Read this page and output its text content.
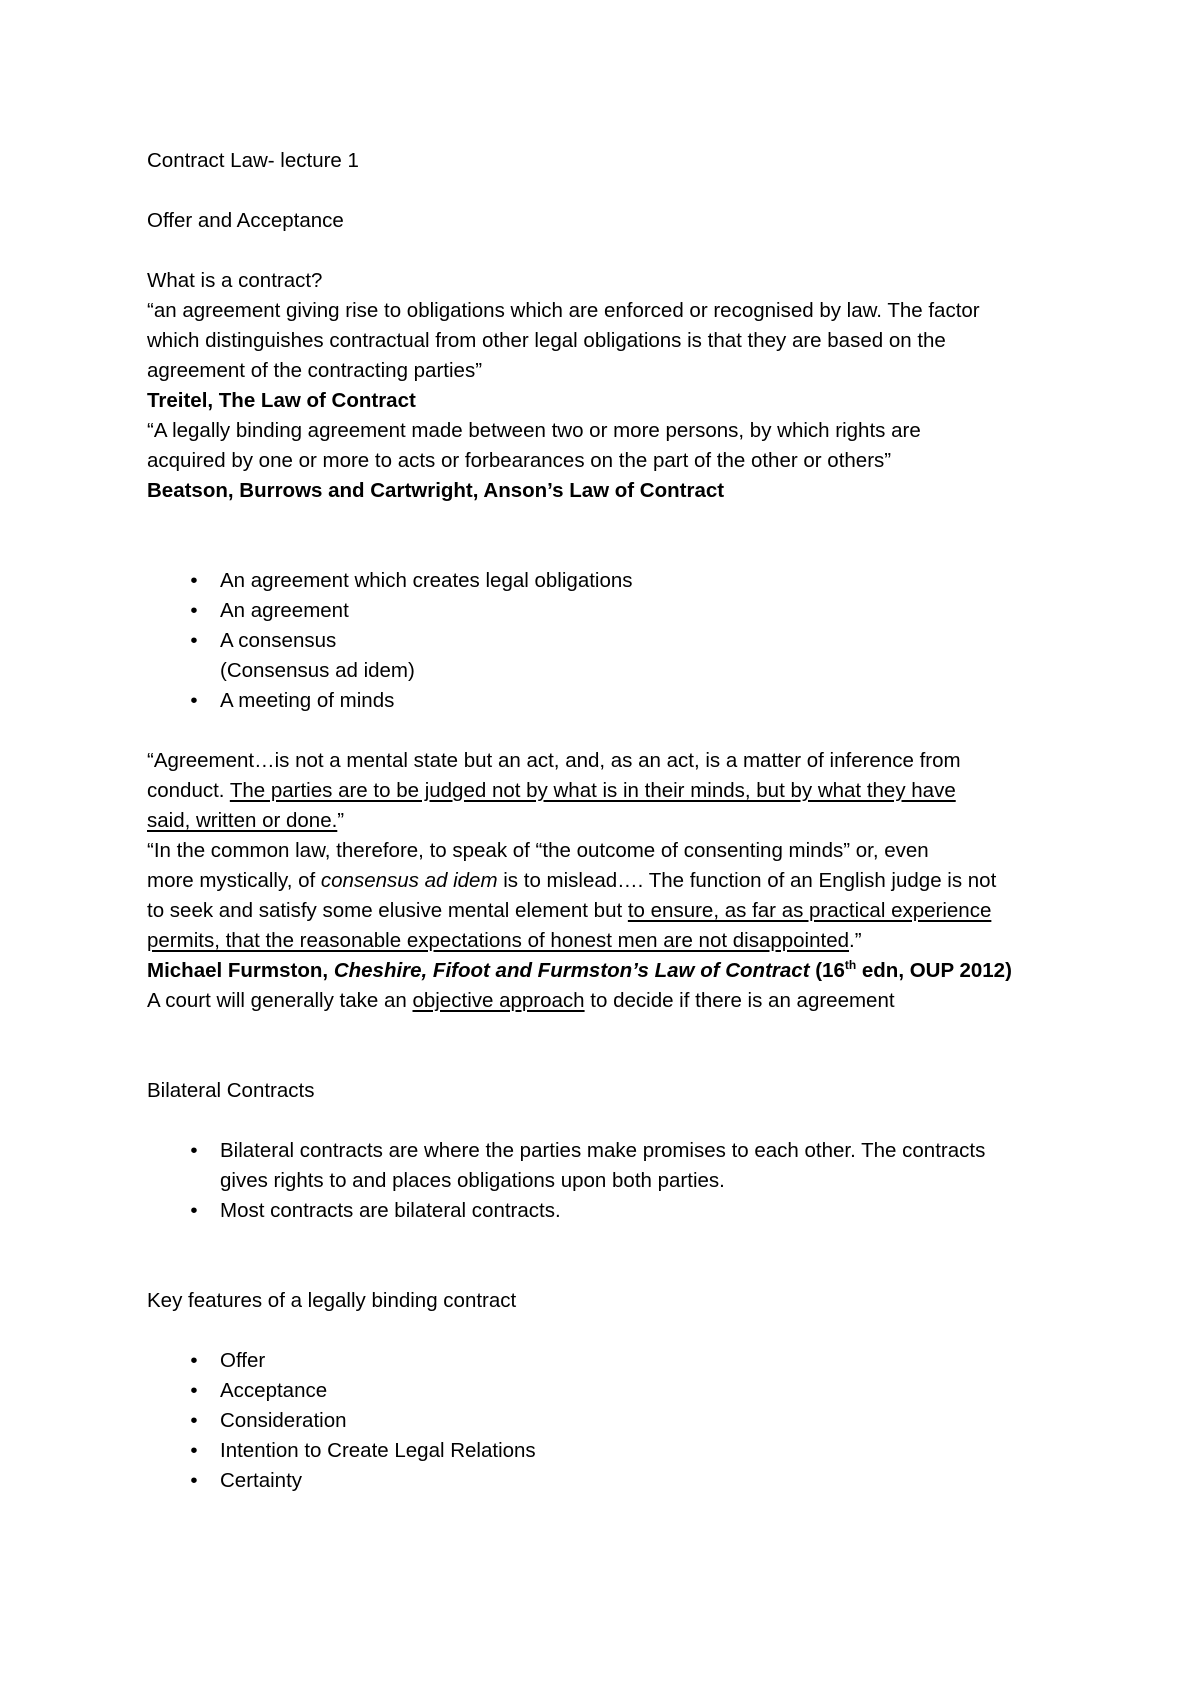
Contract Law- lecture 1
Offer and Acceptance
What is a contract?
“an agreement giving rise to obligations which are enforced or recognised by law. The factor
which distinguishes contractual from other legal obligations is that they are based on the
agreement of the contracting parties”
Treitel, The Law of Contract
“A legally binding agreement made between two or more persons, by which rights are
acquired by one or more to acts or forbearances on the part of the other or others”
Beatson, Burrows and Cartwright, Anson’s Law of Contract
• An agreement which creates legal obligations
• An agreement
• A consensus
(Consensus ad idem)
• A meeting of minds
“Agreement…is not a mental state but an act, and, as an act, is a matter of inference from
conduct. The parties are to be judged not by what is in their minds, but by what they have
said, written or done.”
“In the common law, therefore, to speak of “the outcome of consenting minds” or, even
more mystically, of consensus ad idem is to mislead…. The function of an English judge is not
to seek and satisfy some elusive mental element but to ensure, as far as practical experience
permits, that the reasonable expectations of honest men are not disappointed.”
Michael Furmston, Cheshire, Fifoot and Furmston’s Law of Contract (16th edn, OUP 2012)
A court will generally take an objective approach to decide if there is an agreement
Bilateral Contracts
• Bilateral contracts are where the parties make promises to each other. The contracts
gives rights to and places obligations upon both parties.
• Most contracts are bilateral contracts.
Key features of a legally binding contract
• Offer
• Acceptance
• Consideration
• Intention to Create Legal Relations
• Certainty
